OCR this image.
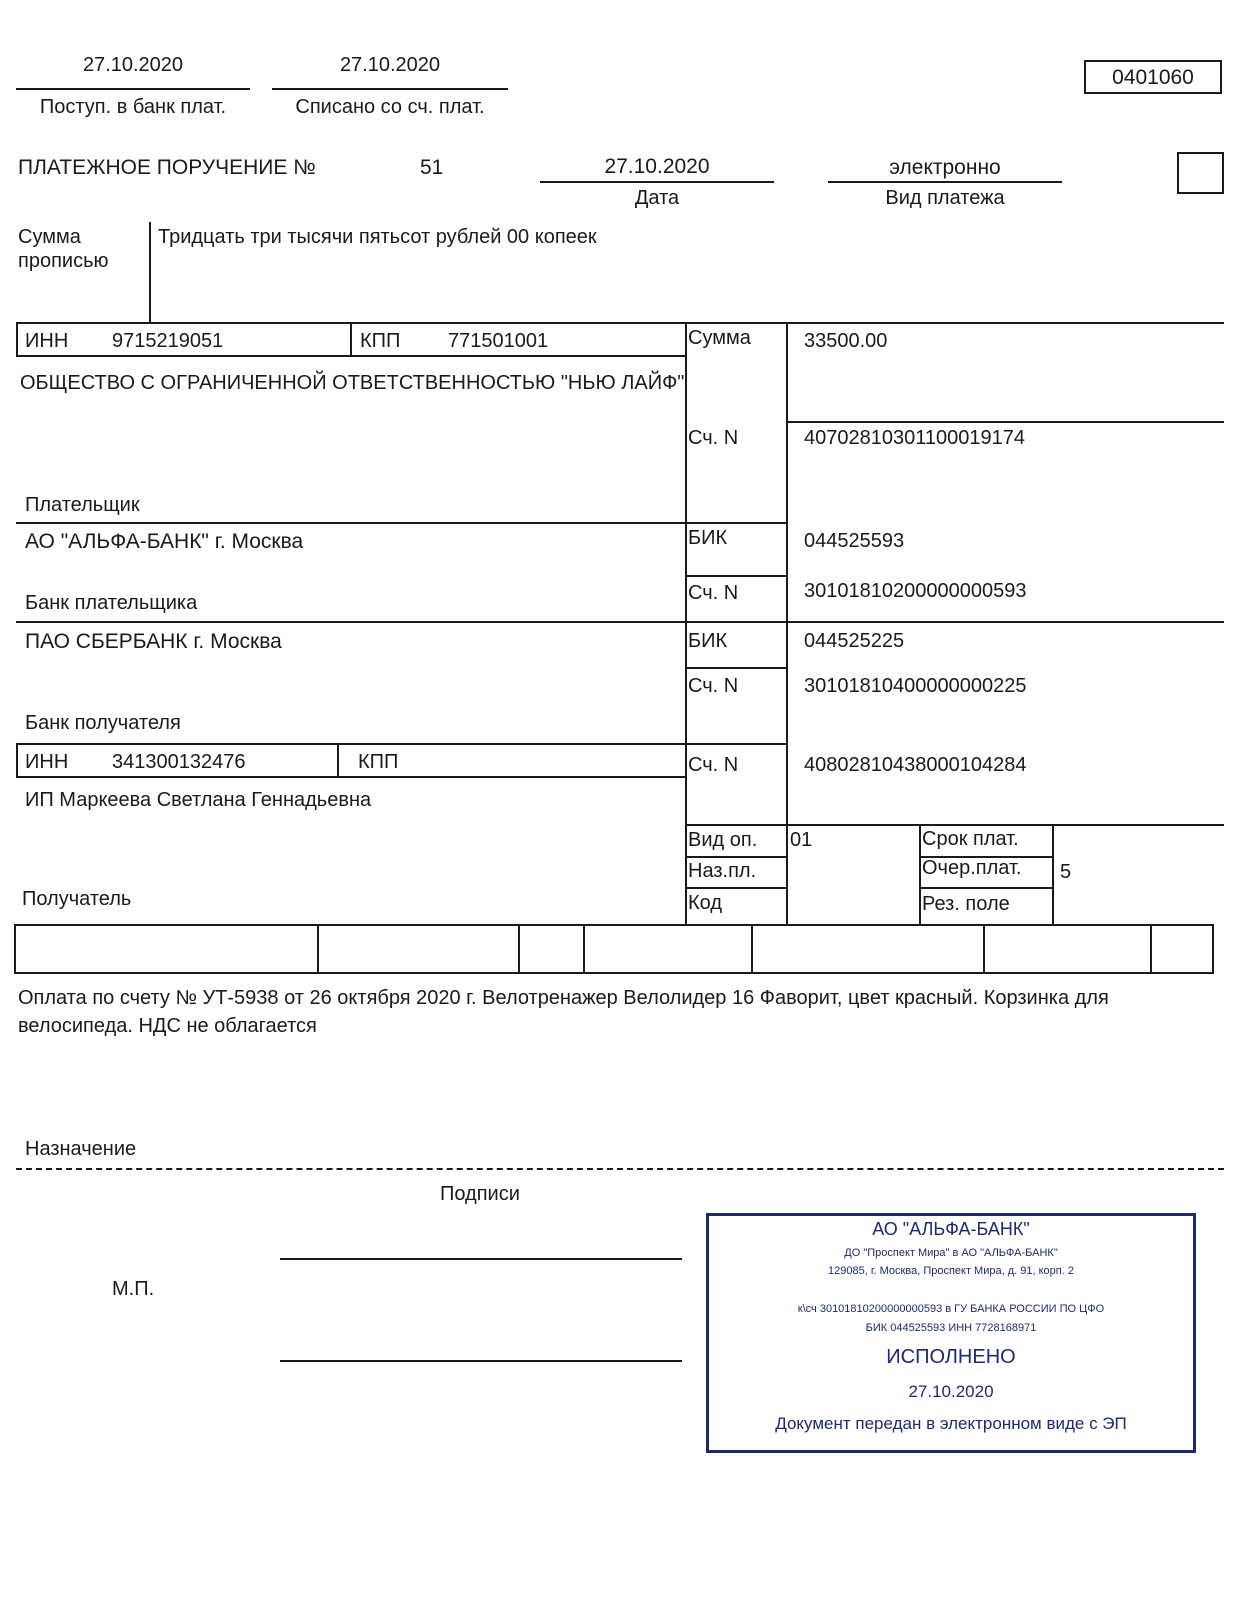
27.10.2020
Поступ. в банк плат.
27.10.2020
Списано со сч. плат.
0401060
ПЛАТЕЖНОЕ ПОРУЧЕНИЕ №	51	27.10.2020
Дата
электронно
Вид платежа
Сумма
прописью
Тридцать три тысячи пятьсот рублей 00 копеек
ИНН 9715219051	КПП 771501001
ОБЩЕСТВО С ОГРАНИЧЕННОЙ ОТВЕТСТВЕННОСТЬЮ "НЬЮ ЛАЙФ"
Плательщик
Сумма	33500.00
Сч. N	40702810301100019174
АО "АЛЬФА-БАНК" г. Москва
Банк плательщика
БИК	044525593
Сч. N	30101810200000000593
ПАО СБЕРБАНК г. Москва
Банк получателя
БИК	044525225
Сч. N	30101810400000000225
ИНН 341300132476	КПП
ИП Маркеева Светлана Геннадьевна
Получатель
Сч. N	40802810438000104284
Вид оп. 01
Наз.пл.
Код
Срок плат.
Очер.плат. 5
Рез. поле
Оплата по счету № УТ-5938 от 26 октября 2020 г. Велотренажер Велолидер 16 Фаворит, цвет красный. Корзинка для велосипеда. НДС не облагается
Назначение
Подписи
М.П.
АО "АЛЬФА-БАНК"
ДО "Проспект Мира" в АО "АЛЬФА-БАНК"
129085, г. Москва, Проспект Мира, д. 91, корп. 2
к\сч 30101810200000000593 в ГУ БАНКА РОССИИ ПО ЦФО
БИК 044525593 ИНН 7728168971
ИСПОЛНЕНО
27.10.2020
Документ передан в электронном виде с ЭП
